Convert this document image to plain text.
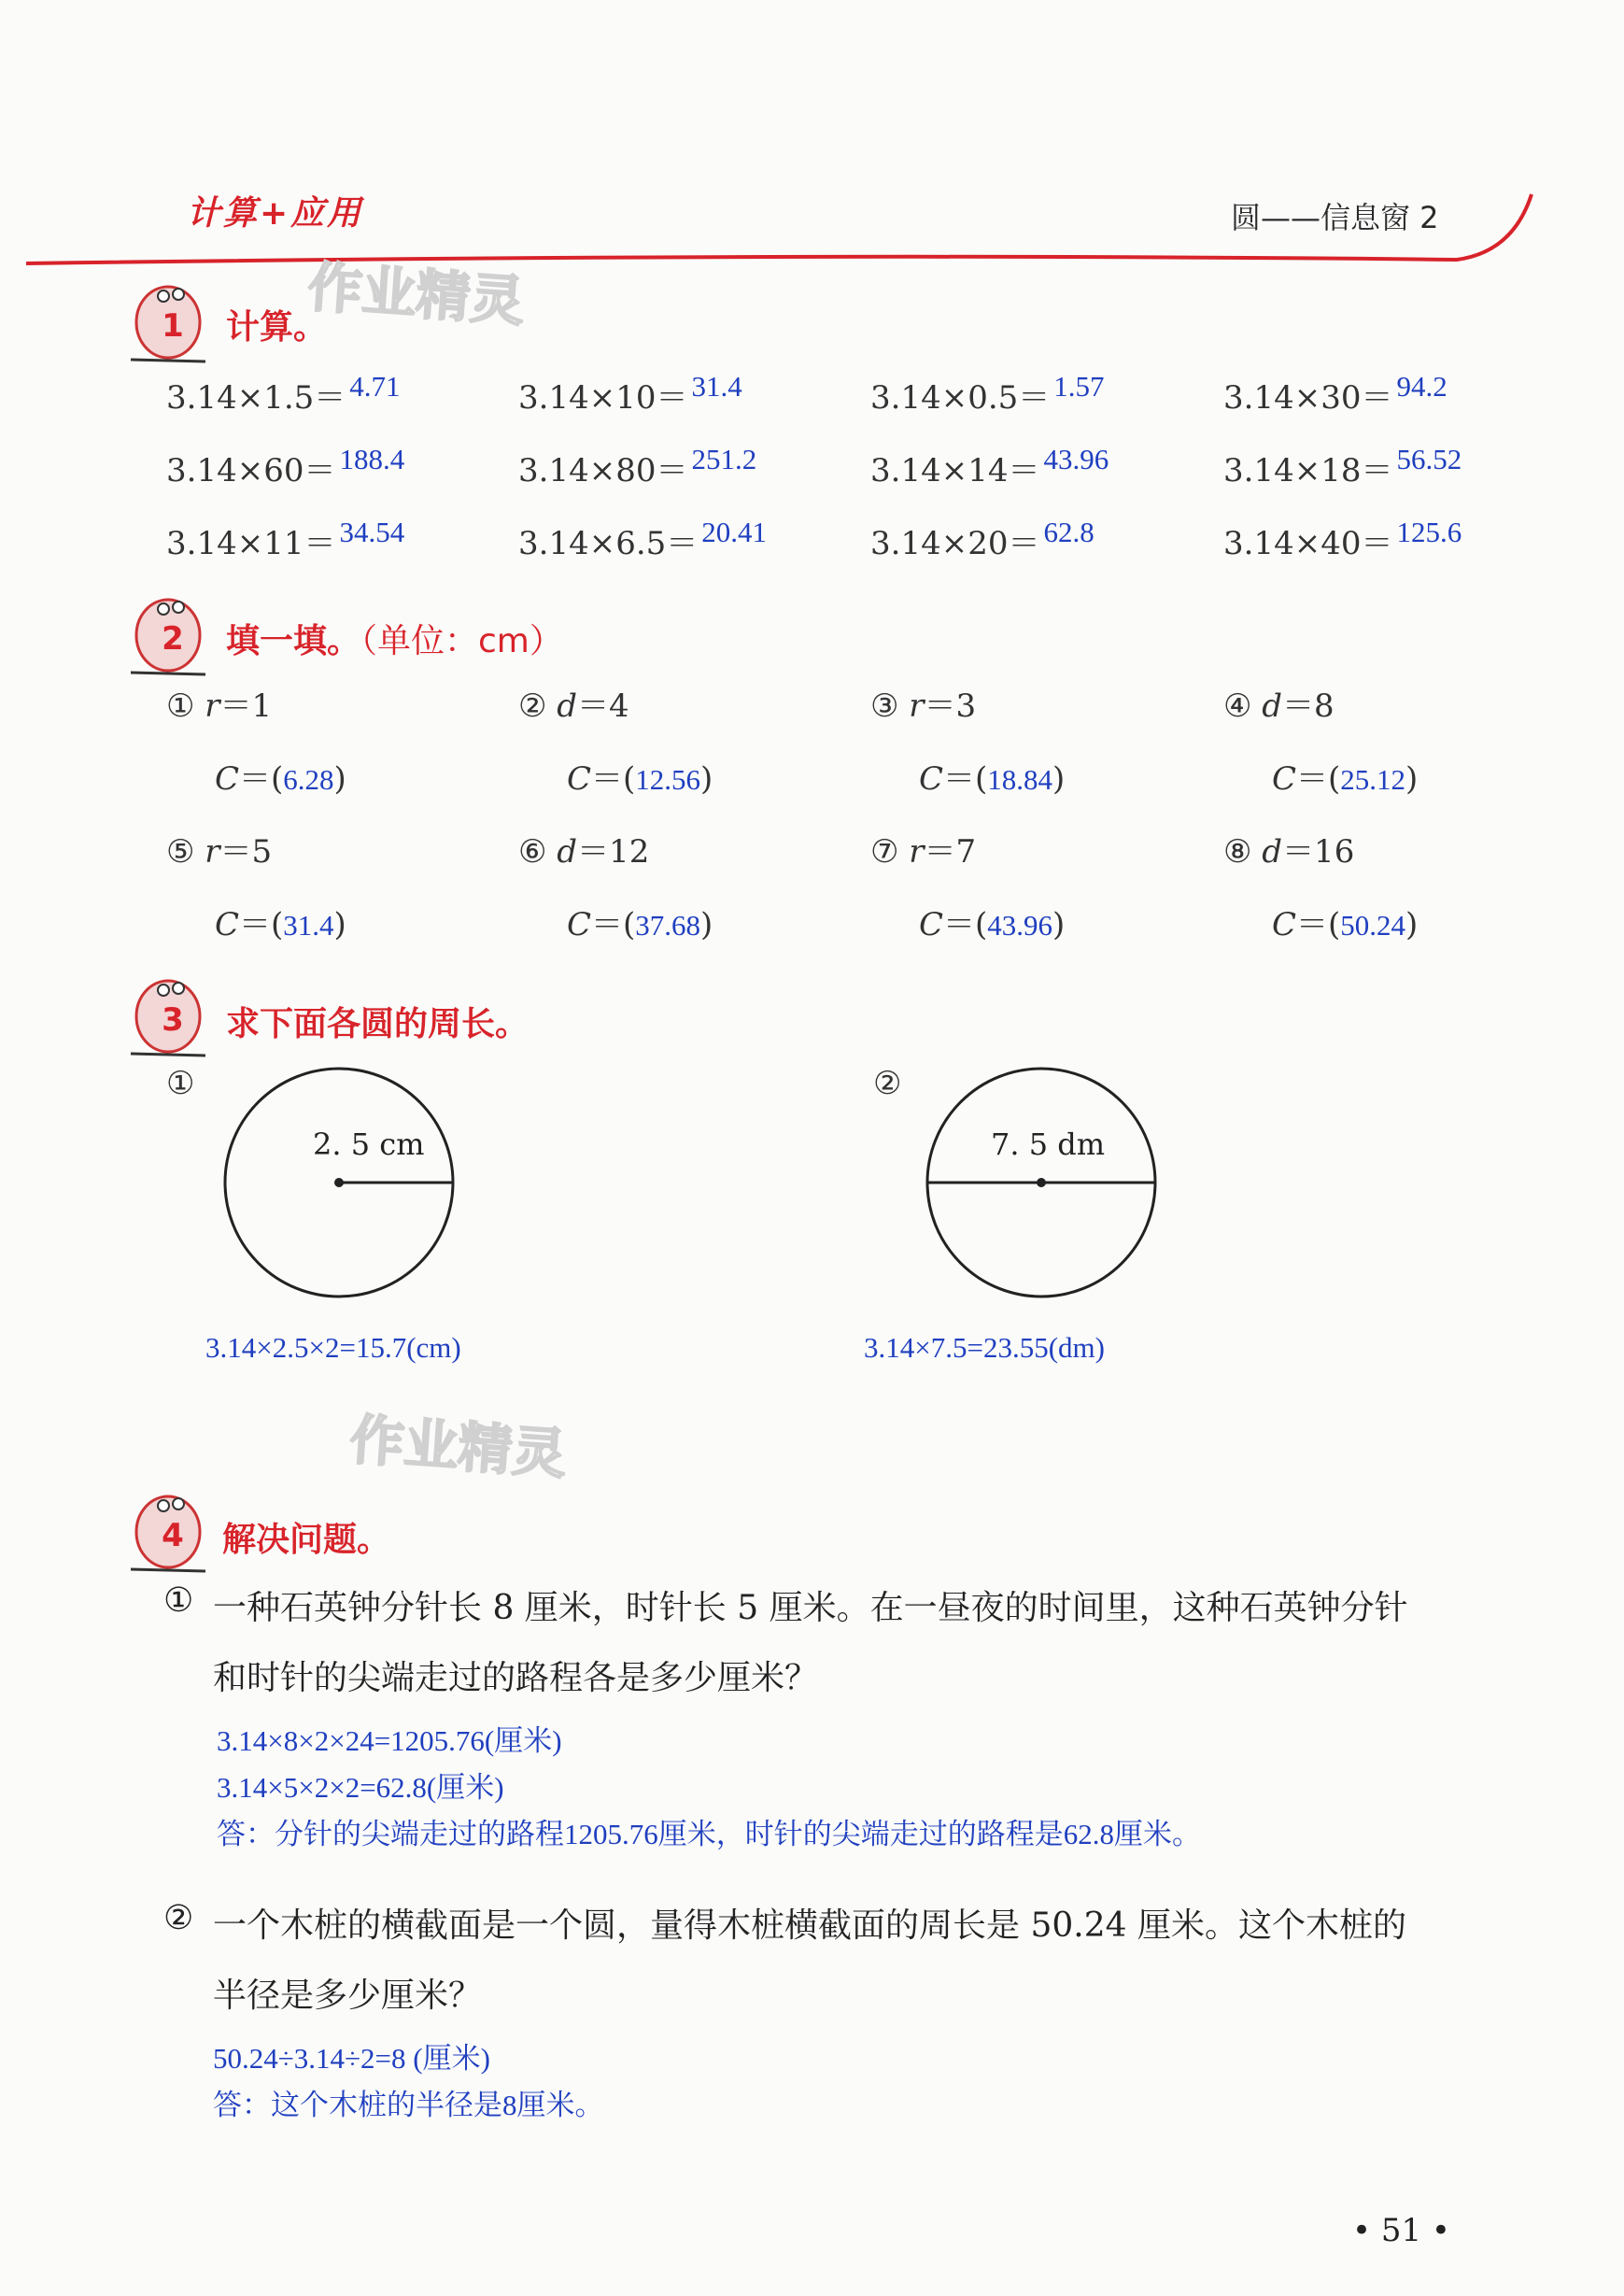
计算+应用	圆——信息窗 2
作业精灵
作业精灵
1 计算。
3.14×1.5＝ 4.71	3.14×10＝ 31.4	3.14×0.5＝ 1.57	3.14×30＝ 94.2
3.14×60＝ 188.4	3.14×80＝ 251.2	3.14×14＝ 43.96	3.14×18＝ 56.52
3.14×11＝ 34.54	3.14×6.5＝ 20.41	3.14×20＝ 62.8	3.14×40＝ 125.6
2 填一填。（单位：cm）
① r＝1
C＝(6.28)
② d＝4
C＝(12.56)
③ r＝3
C＝(18.84)
④ d＝8
C＝(25.12)
⑤ r＝5
C＝(31.4)
⑥ d＝12
C＝(37.68)
⑦ r＝7
C＝(43.96)
⑧ d＝16
C＝(50.24)
3 求下面各圆的周长。
①	②
2. 5 cm	7. 5 dm
3.14×2.5×2=15.7(cm)	3.14×7.5=23.55(dm)
4 解决问题。
① 一种石英钟分针长 8 厘米，时针长 5 厘米。在一昼夜的时间里，这种石英钟分针
和时针的尖端走过的路程各是多少厘米？
3.14×8×2×24=1205.76(厘米)
3.14×5×2×2=62.8(厘米)
答：分针的尖端走过的路程1205.76厘米，时针的尖端走过的路程是62.8厘米。
② 一个木桩的横截面是一个圆，量得木桩横截面的周长是 50.24 厘米。这个木桩的
半径是多少厘米？
50.24÷3.14÷2=8 (厘米)
答：这个木桩的半径是8厘米。
• 51 •
